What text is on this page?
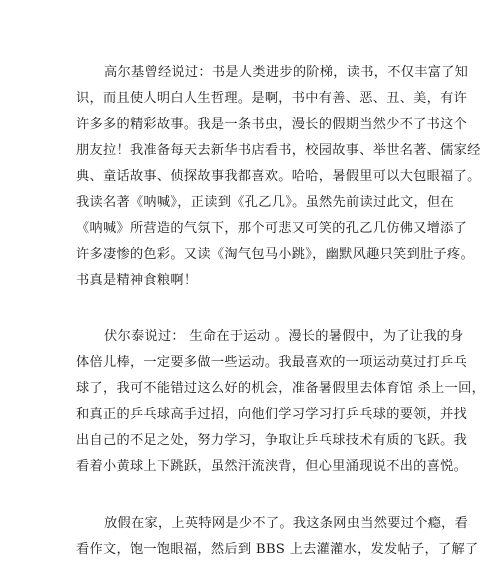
高尔基曾经说过：书是人类进步的阶梯，读书，不仅丰富了知
识，而且使人明白人生哲理。是啊，书中有善、恶、丑、美，有许
许多多的精彩故事。我是一条书虫，漫长的假期当然少不了书这个
朋友拉！我准备每天去新华书店看书，校园故事、举世名著、儒家经
典、童话故事、侦探故事我都喜欢。哈哈，暑假里可以大包眼福了。
我读名著《呐喊》，正读到《孔乙几》。虽然先前读过此文，但在
《呐喊》所营造的气氛下，那个可悲又可笑的孔乙几仿佛又增添了
许多凄惨的色彩。又读《淘气包马小跳》，幽默风趣只笑到肚子疼。
书真是精神食粮啊！
伏尔泰说过： 生命在于运动 。漫长的暑假中，为了让我的身
体倍儿棒，一定要多做一些运动。我最喜欢的一项运动莫过打乒乓
球了，我可不能错过这么好的机会，准备暑假里去体育馆 杀上一回，
和真正的乒乓球高手过招，向他们学习学习打乒乓球的要领，并找
出自己的不足之处，努力学习，争取让乒乓球技术有质的飞跃。我
看着小黄球上下跳跃，虽然汗流浃背，但心里涌现说不出的喜悦。
放假在家，上英特网是少不了。我这条网虫当然要过个瘾，看
看作文，饱一饱眼福，然后到 BBS 上去灌灌水，发发帖子，了解了
